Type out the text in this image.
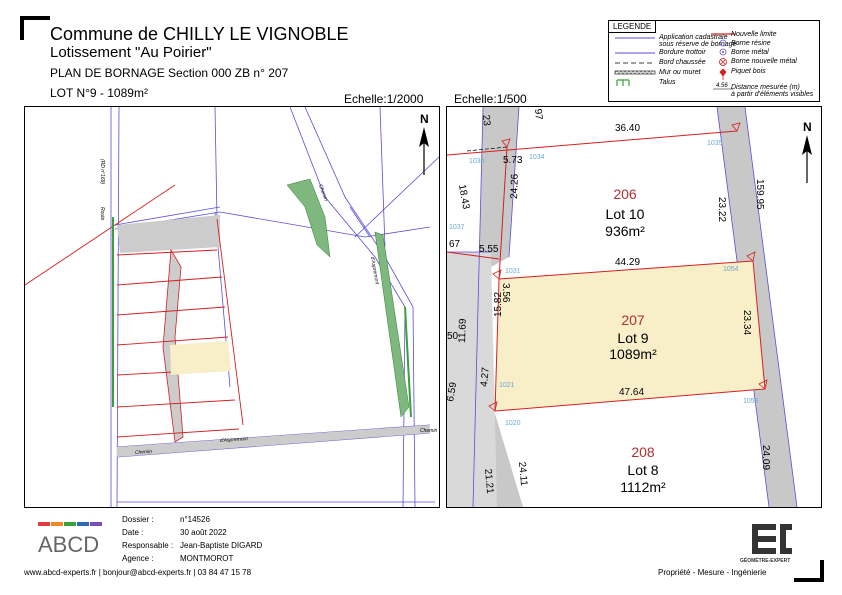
Commune de CHILLY LE VIGNOBLE
Lotissement "Au Poirier"
PLAN DE BORNAGE Section 000 ZB n° 207
LOT N°9 - 1089m²	Echelle:1/2000	Echelle:1/500
LEGENDE
Application cadastrale
sous réserve de bornage
Bordure trottoir
Bord chaussée
Mur ou muret
Talus
Nouvelle limite
Borne résine
Borne métal
Borne nouvelle métal
Piquet bois
4.56 Distance mesurée (m)
à partir d'éléments visibles
Chemin
d'Aspremont
Chemin
d'Aspremont
Chemin
(RD n°169)
Route
N
206
Lot 10
936m²
207
Lot 9
1089m²
208
Lot 8
1112m²
36.40
23.22	159.95
44.29
23.34
47.64
24.09
24.11
21.21
6.59
11.69
15.82
4.27
3.56
5.55
24.26
18.43
5.73
23	97
67
50
1036
1034
1035
1031	1054
1055
1020
1021
1037
N
ABCD
Dossier :	n°14526
Date :	30 août 2022
Responsable : Jean-Baptiste DIGARD
Agence :	MONTMOROT
www.abcd-experts.fr | bonjour@abcd-experts.fr | 03 84 47 15 78
GÉOMÈTRE-EXPERT
Propriété - Mesure - Ingénierie
